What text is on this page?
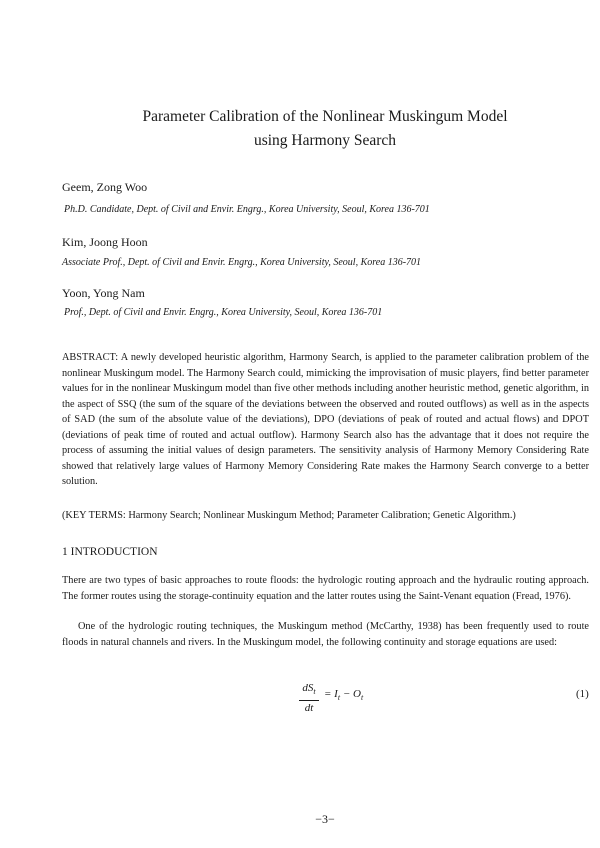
Parameter Calibration of the Nonlinear Muskingum Model
using Harmony Search
Geem, Zong Woo
Ph.D. Candidate, Dept. of Civil and Envir. Engrg., Korea University, Seoul, Korea 136-701
Kim, Joong Hoon
Associate Prof., Dept. of Civil and Envir. Engrg., Korea University, Seoul, Korea 136-701
Yoon, Yong Nam
Prof., Dept. of Civil and Envir. Engrg., Korea University, Seoul, Korea 136-701

ABSTRACT: A newly developed heuristic algorithm, Harmony Search, is applied to the parameter calibration problem of the nonlinear Muskingum model. The Harmony Search could, mimicking the improvisation of music players, find better parameter values for in the nonlinear Muskingum model than five other methods including another heuristic method, genetic algorithm, in the aspect of SSQ (the sum of the square of the deviations between the observed and routed outflows) as well as in the aspects of SAD (the sum of the absolute value of the deviations), DPO (deviations of peak of routed and actual flows) and DPOT (deviations of peak time of routed and actual outflow). Harmony Search also has the advantage that it does not require the process of assuming the initial values of design parameters. The sensitivity analysis of Harmony Memory Considering Rate showed that relatively large values of Harmony Memory Considering Rate makes the Harmony Search converge to a better solution.

(KEY TERMS: Harmony Search; Nonlinear Muskingum Method; Parameter Calibration; Genetic Algorithm.)

1 INTRODUCTION

There are two types of basic approaches to route floods: the hydrologic routing approach and the hydraulic routing approach. The former routes using the storage-continuity equation and the latter routes using the Saint-Venant equation (Fread, 1976).

One of the hydrologic routing techniques, the Muskingum method (McCarthy, 1938) has been frequently used to route floods in natural channels and rivers. In the Muskingum model, the following continuity and storage equations are used:

$dS_t$
dt
= $I_t - O_t$	(1)
−3−
